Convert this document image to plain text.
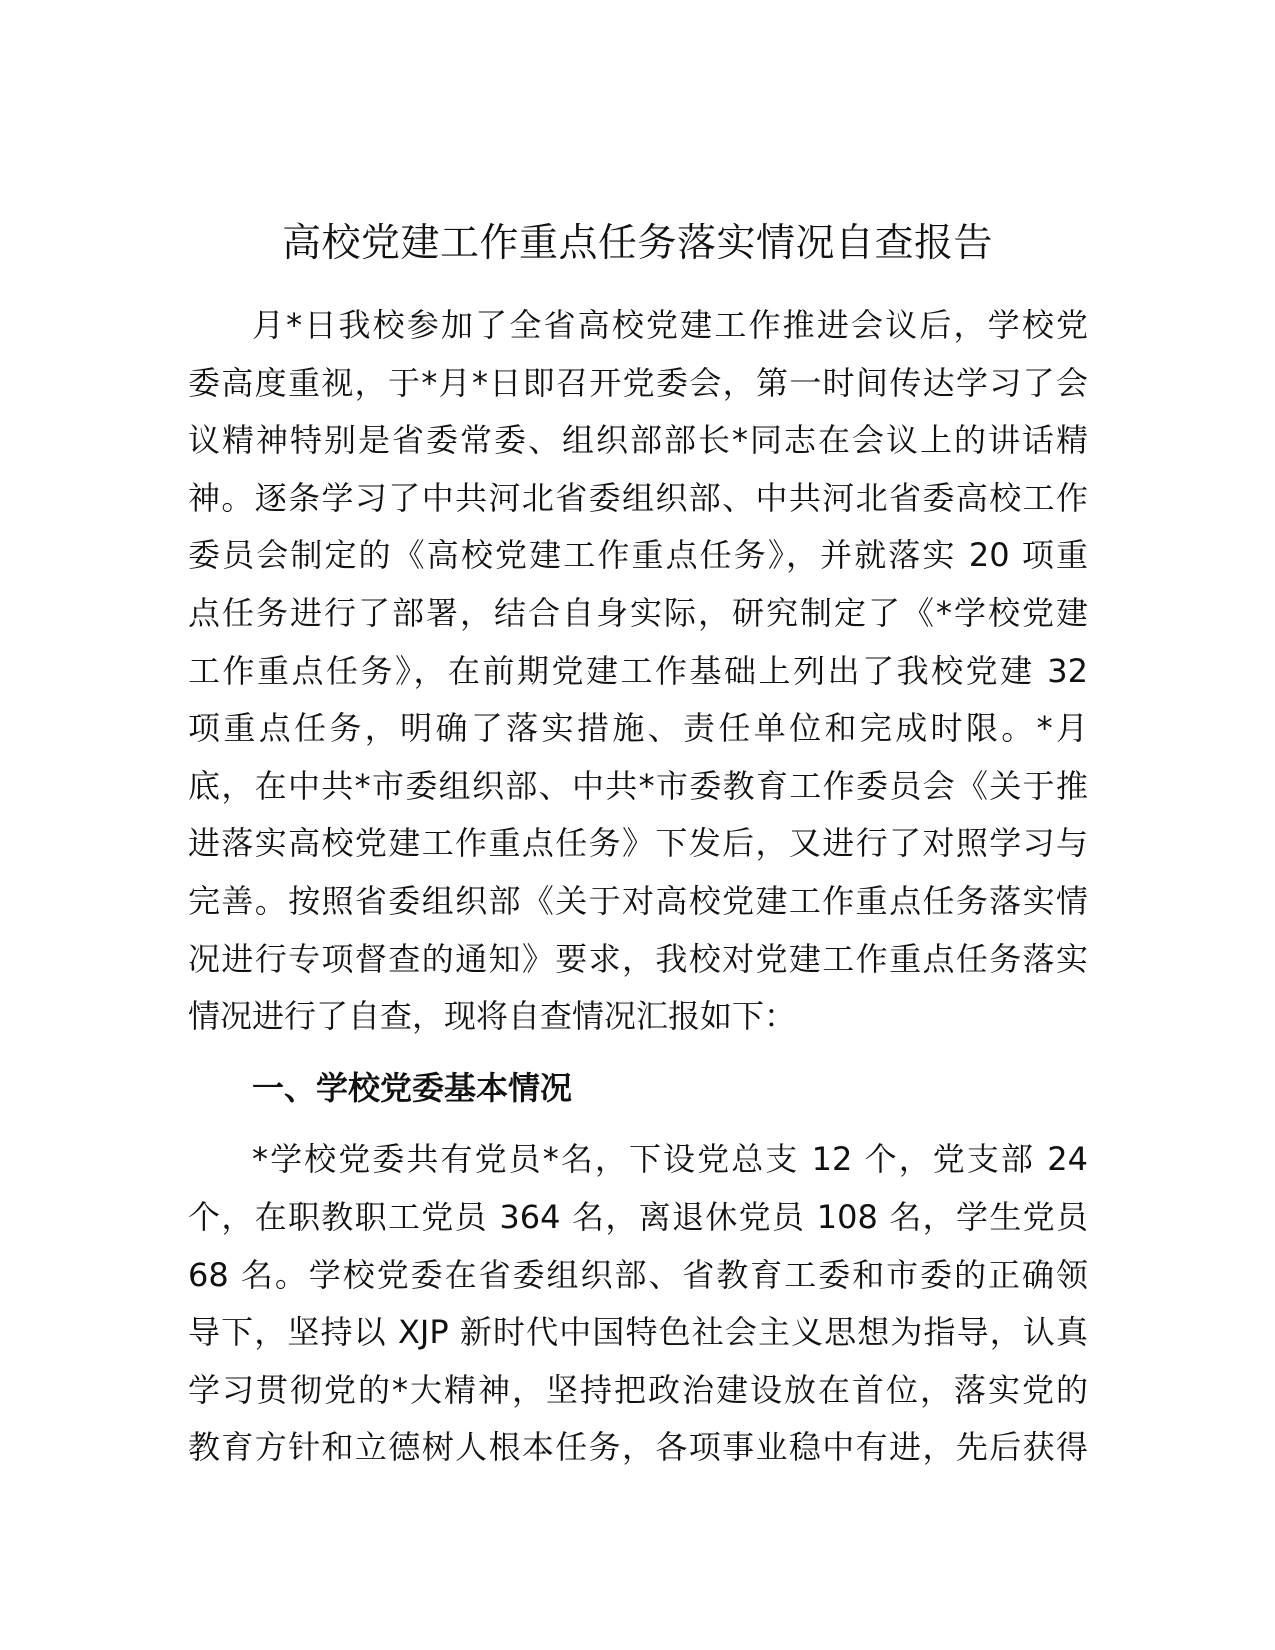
高校党建工作重点任务落实情况自查报告
月*日我校参加了全省高校党建工作推进会议后，学校党
委高度重视，于*月*日即召开党委会，第一时间传达学习了会
议精神特别是省委常委、组织部部长*同志在会议上的讲话精
神。逐条学习了中共河北省委组织部、中共河北省委高校工作
委员会制定的《高校党建工作重点任务》，并就落实 20 项重
点任务进行了部署，结合自身实际，研究制定了《*学校党建
工作重点任务》，在前期党建工作基础上列出了我校党建 32
项重点任务，明确了落实措施、责任单位和完成时限。*月
底，在中共*市委组织部、中共*市委教育工作委员会《关于推
进落实高校党建工作重点任务》下发后，又进行了对照学习与
完善。按照省委组织部《关于对高校党建工作重点任务落实情
况进行专项督查的通知》要求，我校对党建工作重点任务落实
情况进行了自查，现将自查情况汇报如下：
一、学校党委基本情况
*学校党委共有党员*名，下设党总支 12 个，党支部 24
个，在职教职工党员 364 名，离退休党员 108 名，学生党员
68 名。学校党委在省委组织部、省教育工委和市委的正确领
导下，坚持以 XJP 新时代中国特色社会主义思想为指导，认真
学习贯彻党的*大精神，坚持把政治建设放在首位，落实党的
教育方针和立德树人根本任务，各项事业稳中有进，先后获得
